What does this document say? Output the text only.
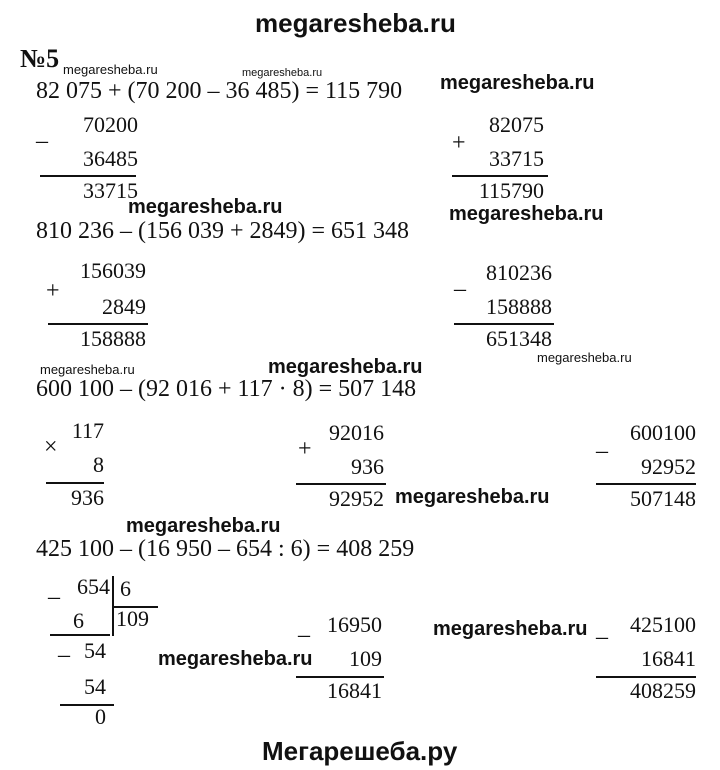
megaresheba.ru
№5 megaresheba.ru	megaresheba.ru	megaresheba.ru
82 075 + (70 200 – 36 485) = 115 790
–
70200
36485
33715
+
82075
33715
115790
megaresheba.ru	megaresheba.ru
810 236 – (156 039 + 2849) = 651 348
+
156039
2849
158888
–
810236
158888
651348
megaresheba.ru	megaresheba.ru	megaresheba.ru
600 100 – (92 016 + 117 · 8) = 507 148
×
117
8
936
+
92016
936
92952
–
600100
92952
507148
megaresheba.ru
megaresheba.ru
425 100 – (16 950 – 654 : 6) = 408 259
– 654 6
109
6
– 54
54
0
– 16950
109
16841
–	425100
16841
408259
megaresheba.ru
megaresheba.ru
Мегарешеба.ру
